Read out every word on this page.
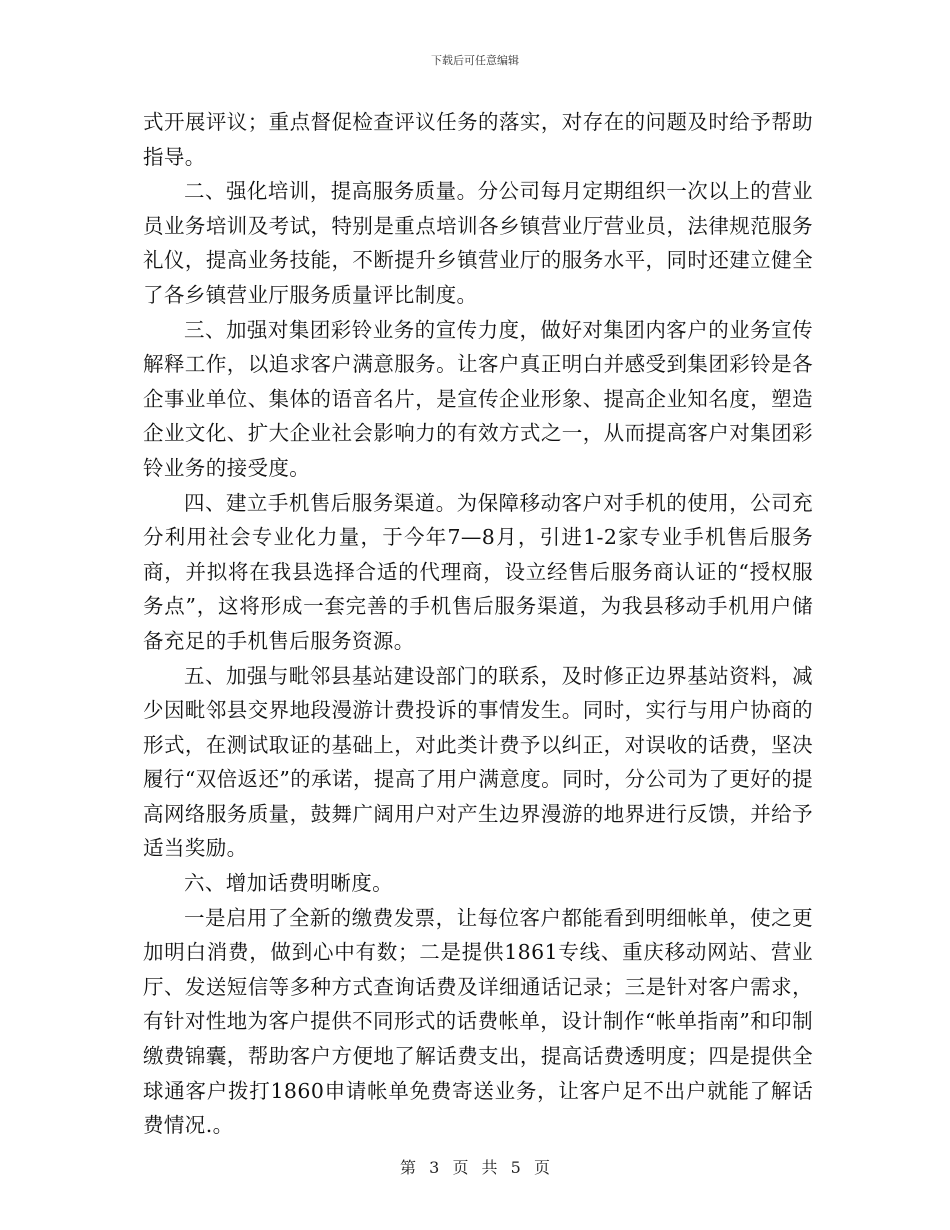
下载后可任意编辑

式开展评议；重点督促检查评议任务的落实，对存在的问题及时给予帮助指导。

二、强化培训，提高服务质量。分公司每月定期组织一次以上的营业员业务培训及考试，特别是重点培训各乡镇营业厅营业员，法律规范服务礼仪，提高业务技能，不断提升乡镇营业厅的服务水平，同时还建立健全了各乡镇营业厅服务质量评比制度。

三、加强对集团彩铃业务的宣传力度，做好对集团内客户的业务宣传解释工作，以追求客户满意服务。让客户真正明白并感受到集团彩铃是各企事业单位、集体的语音名片，是宣传企业形象、提高企业知名度，塑造企业文化、扩大企业社会影响力的有效方式之一，从而提高客户对集团彩铃业务的接受度。

四、建立手机售后服务渠道。为保障移动客户对手机的使用，公司充分利用社会专业化力量，于今年7—8月，引进1-2家专业手机售后服务商，并拟将在我县选择合适的代理商，设立经售后服务商认证的“授权服务点”，这将形成一套完善的手机售后服务渠道，为我县移动手机用户储备充足的手机售后服务资源。

五、加强与毗邻县基站建设部门的联系，及时修正边界基站资料，减少因毗邻县交界地段漫游计费投诉的事情发生。同时，实行与用户协商的形式，在测试取证的基础上，对此类计费予以纠正，对误收的话费，坚决履行“双倍返还”的承诺，提高了用户满意度。同时，分公司为了更好的提高网络服务质量，鼓舞广阔用户对产生边界漫游的地界进行反馈，并给予适当奖励。

六、增加话费明晰度。

一是启用了全新的缴费发票，让每位客户都能看到明细帐单，使之更加明白消费，做到心中有数；二是提供1861专线、重庆移动网站、营业厅、发送短信等多种方式查询话费及详细通话记录；三是针对客户需求，有针对性地为客户提供不同形式的话费帐单，设计制作“帐单指南”和印制缴费锦囊，帮助客户方便地了解话费支出，提高话费透明度；四是提供全球通客户拨打1860申请帐单免费寄送业务，让客户足不出户就能了解话费情况.。

第 3 页 共 5 页
